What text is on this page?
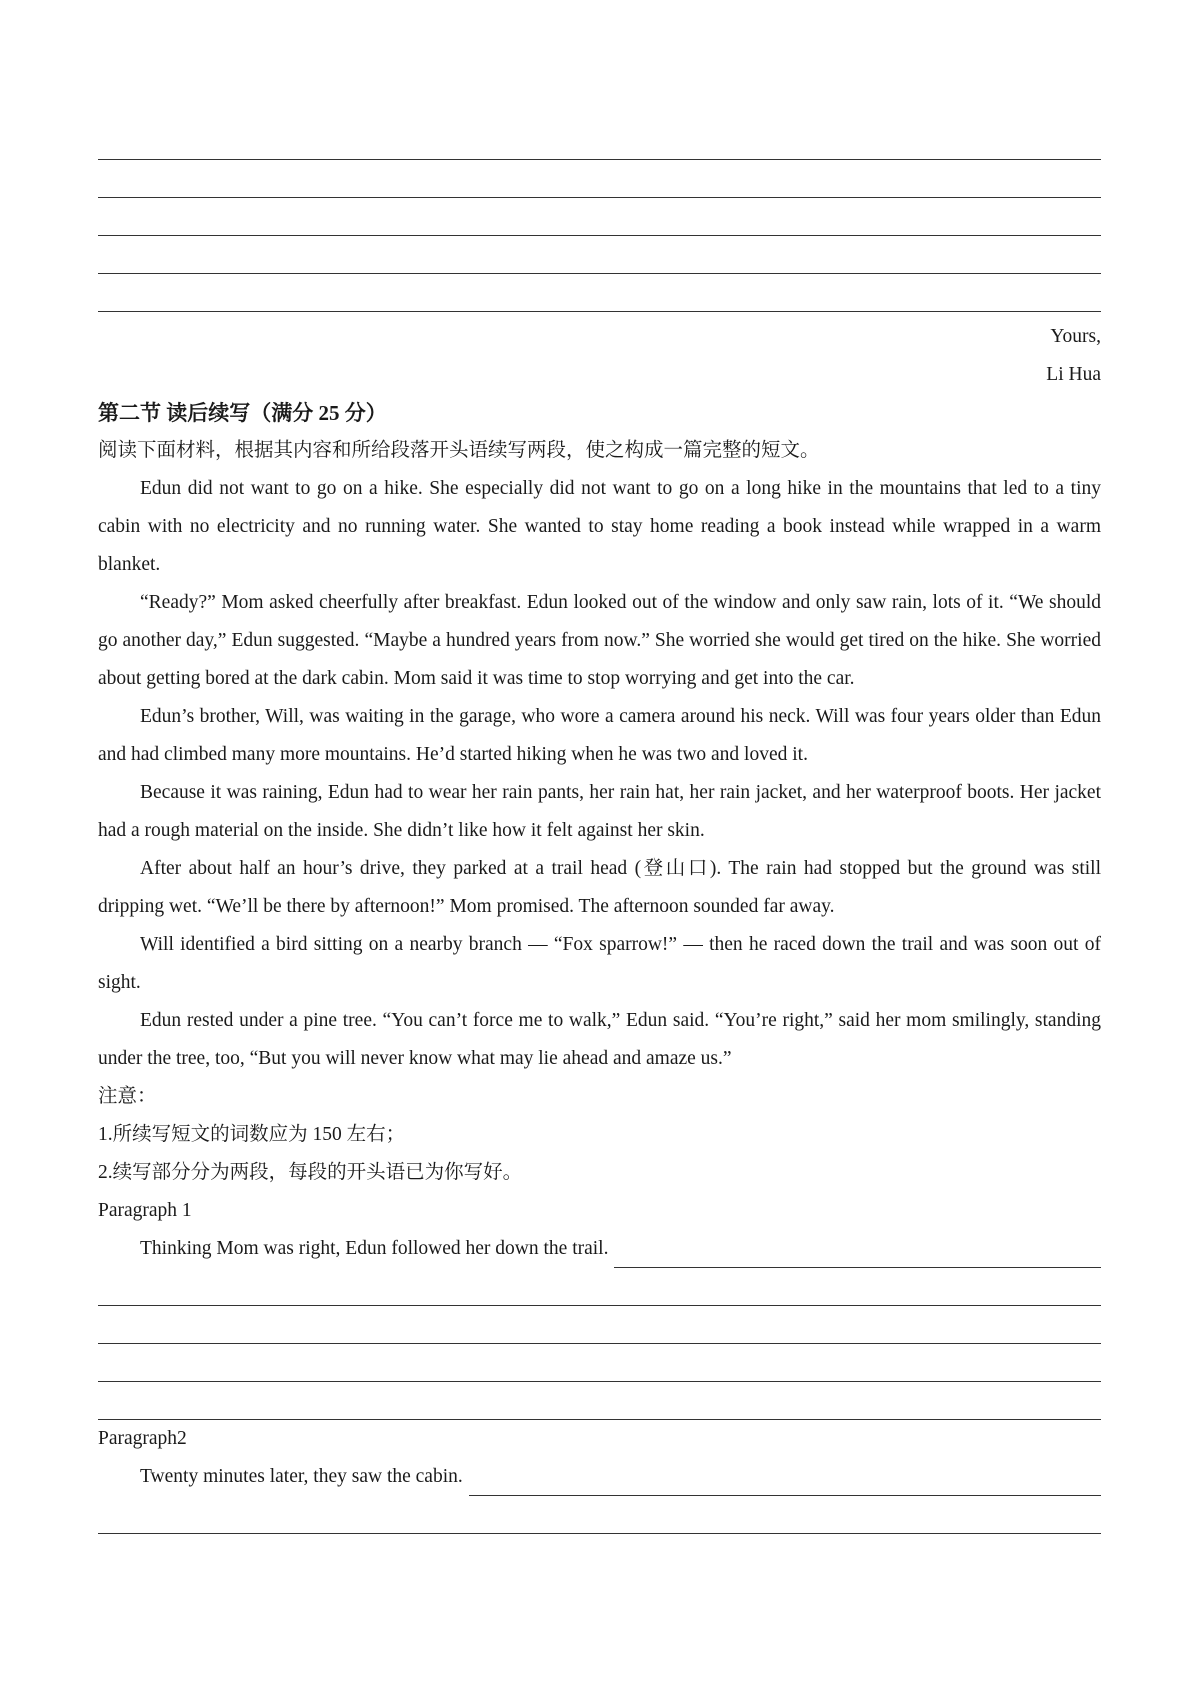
Yours,
Li Hua
第二节 读后续写（满分 25 分）
阅读下面材料，根据其内容和所给段落开头语续写两段，使之构成一篇完整的短文。

Edun did not want to go on a hike. She especially did not want to go on a long hike in the mountains that led to a tiny cabin with no electricity and no running water. She wanted to stay home reading a book instead while wrapped in a warm blanket.

“Ready?” Mom asked cheerfully after breakfast. Edun looked out of the window and only saw rain, lots of it. “We should go another day,” Edun suggested. “Maybe a hundred years from now.” She worried she would get tired on the hike. She worried about getting bored at the dark cabin. Mom said it was time to stop worrying and get into the car.

Edun’s brother, Will, was waiting in the garage, who wore a camera around his neck. Will was four years older than Edun and had climbed many more mountains. He’d started hiking when he was two and loved it.

Because it was raining, Edun had to wear her rain pants, her rain hat, her rain jacket, and her waterproof boots. Her jacket had a rough material on the inside. She didn’t like how it felt against her skin.

After about half an hour’s drive, they parked at a trail head (登山口). The rain had stopped but the ground was still dripping wet. “We’ll be there by afternoon!” Mom promised. The afternoon sounded far away.

Will identified a bird sitting on a nearby branch — “Fox sparrow!” — then he raced down the trail and was soon out of sight.

Edun rested under a pine tree. “You can’t force me to walk,” Edun said. “You’re right,” said her mom smilingly, standing under the tree, too, “But you will never know what may lie ahead and amaze us.”

注意：
1.所续写短文的词数应为 150 左右；
2.续写部分分为两段，每段的开头语已为你写好。
Paragraph 1
Thinking Mom was right, Edun followed her down the trail.
Paragraph2
Twenty minutes later, they saw the cabin.
